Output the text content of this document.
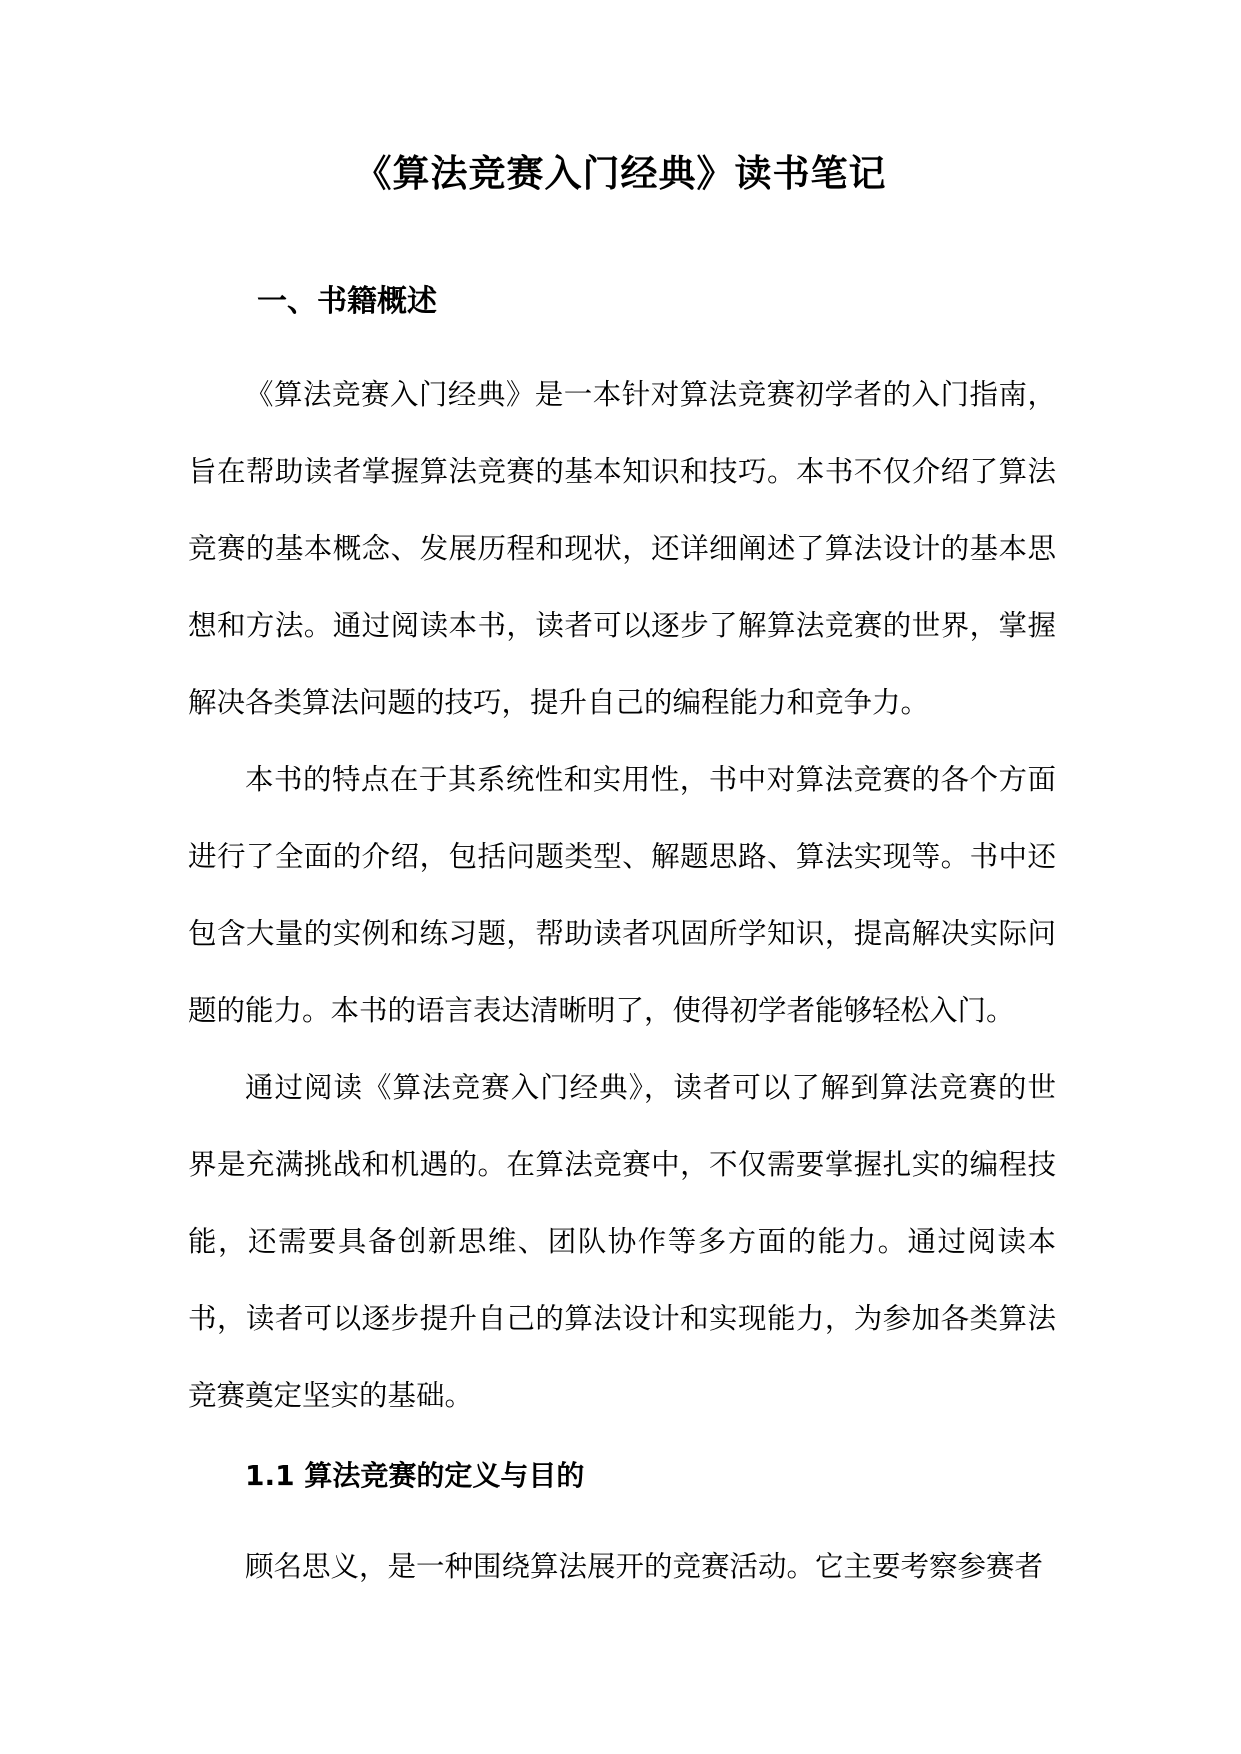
《算法竞赛入门经典》读书笔记
一、书籍概述

《算法竞赛入门经典》是一本针对算法竞赛初学者的入门指南，旨在帮助读者掌握算法竞赛的基本知识和技巧。本书不仅介绍了算法竞赛的基本概念、发展历程和现状，还详细阐述了算法设计的基本思想和方法。通过阅读本书，读者可以逐步了解算法竞赛的世界，掌握解决各类算法问题的技巧，提升自己的编程能力和竞争力。

本书的特点在于其系统性和实用性，书中对算法竞赛的各个方面进行了全面的介绍，包括问题类型、解题思路、算法实现等。书中还包含大量的实例和练习题，帮助读者巩固所学知识，提高解决实际问题的能力。本书的语言表达清晰明了，使得初学者能够轻松入门。

通过阅读《算法竞赛入门经典》，读者可以了解到算法竞赛的世界是充满挑战和机遇的。在算法竞赛中，不仅需要掌握扎实的编程技能，还需要具备创新思维、团队协作等多方面的能力。通过阅读本书，读者可以逐步提升自己的算法设计和实现能力，为参加各类算法竞赛奠定坚实的基础。

1.1 算法竞赛的定义与目的

顾名思义，是一种围绕算法展开的竞赛活动。它主要考察参赛者
